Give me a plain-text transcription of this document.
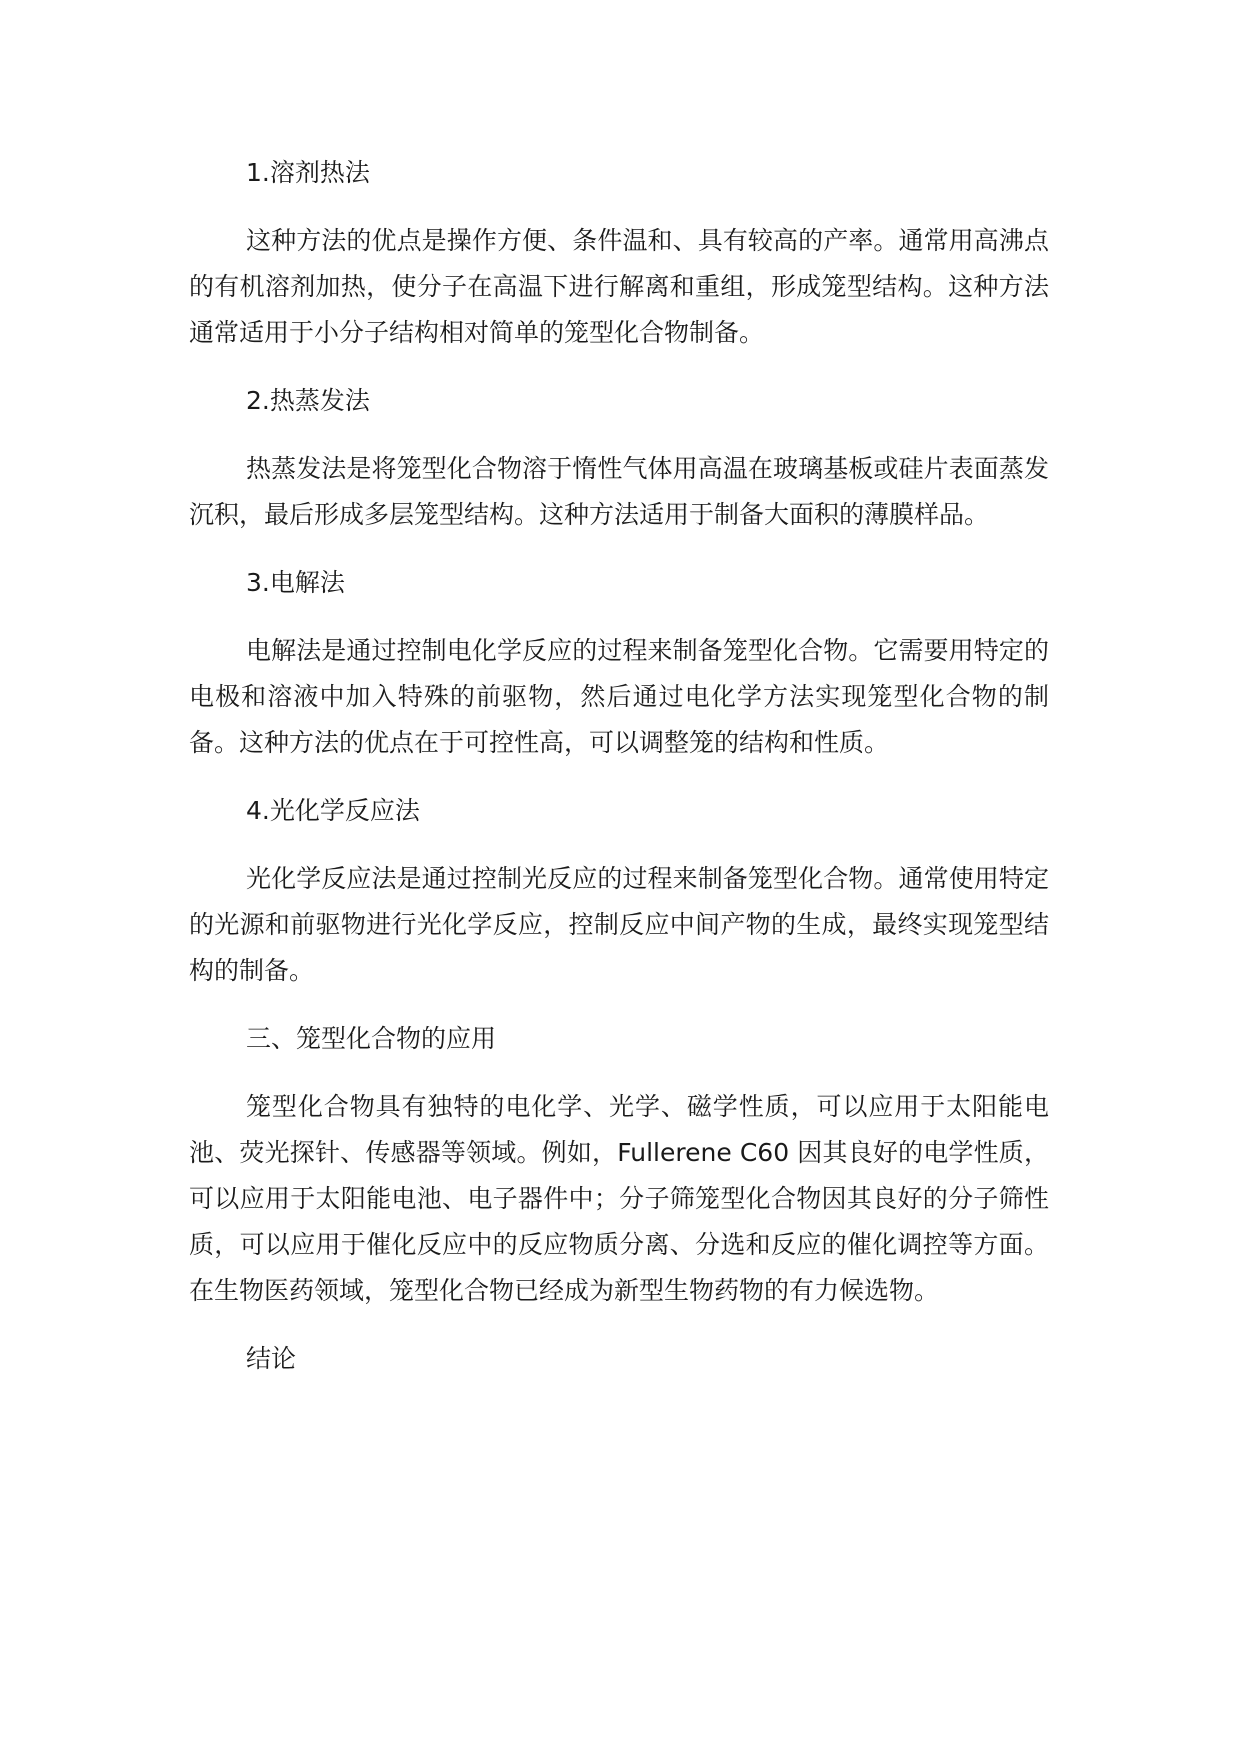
1.溶剂热法

这种方法的优点是操作方便、条件温和、具有较高的产率。通常用高沸点的有机溶剂加热，使分子在高温下进行解离和重组，形成笼型结构。这种方法通常适用于小分子结构相对简单的笼型化合物制备。

2.热蒸发法

热蒸发法是将笼型化合物溶于惰性气体用高温在玻璃基板或硅片表面蒸发沉积，最后形成多层笼型结构。这种方法适用于制备大面积的薄膜样品。

3.电解法

电解法是通过控制电化学反应的过程来制备笼型化合物。它需要用特定的电极和溶液中加入特殊的前驱物，然后通过电化学方法实现笼型化合物的制备。这种方法的优点在于可控性高，可以调整笼的结构和性质。

4.光化学反应法

光化学反应法是通过控制光反应的过程来制备笼型化合物。通常使用特定的光源和前驱物进行光化学反应，控制反应中间产物的生成，最终实现笼型结构的制备。

三、笼型化合物的应用

笼型化合物具有独特的电化学、光学、磁学性质，可以应用于太阳能电池、荧光探针、传感器等领域。例如，Fullerene C60 因其良好的电学性质，可以应用于太阳能电池、电子器件中；分子筛笼型化合物因其良好的分子筛性质，可以应用于催化反应中的反应物质分离、分选和反应的催化调控等方面。在生物医药领域，笼型化合物已经成为新型生物药物的有力候选物。

结论
